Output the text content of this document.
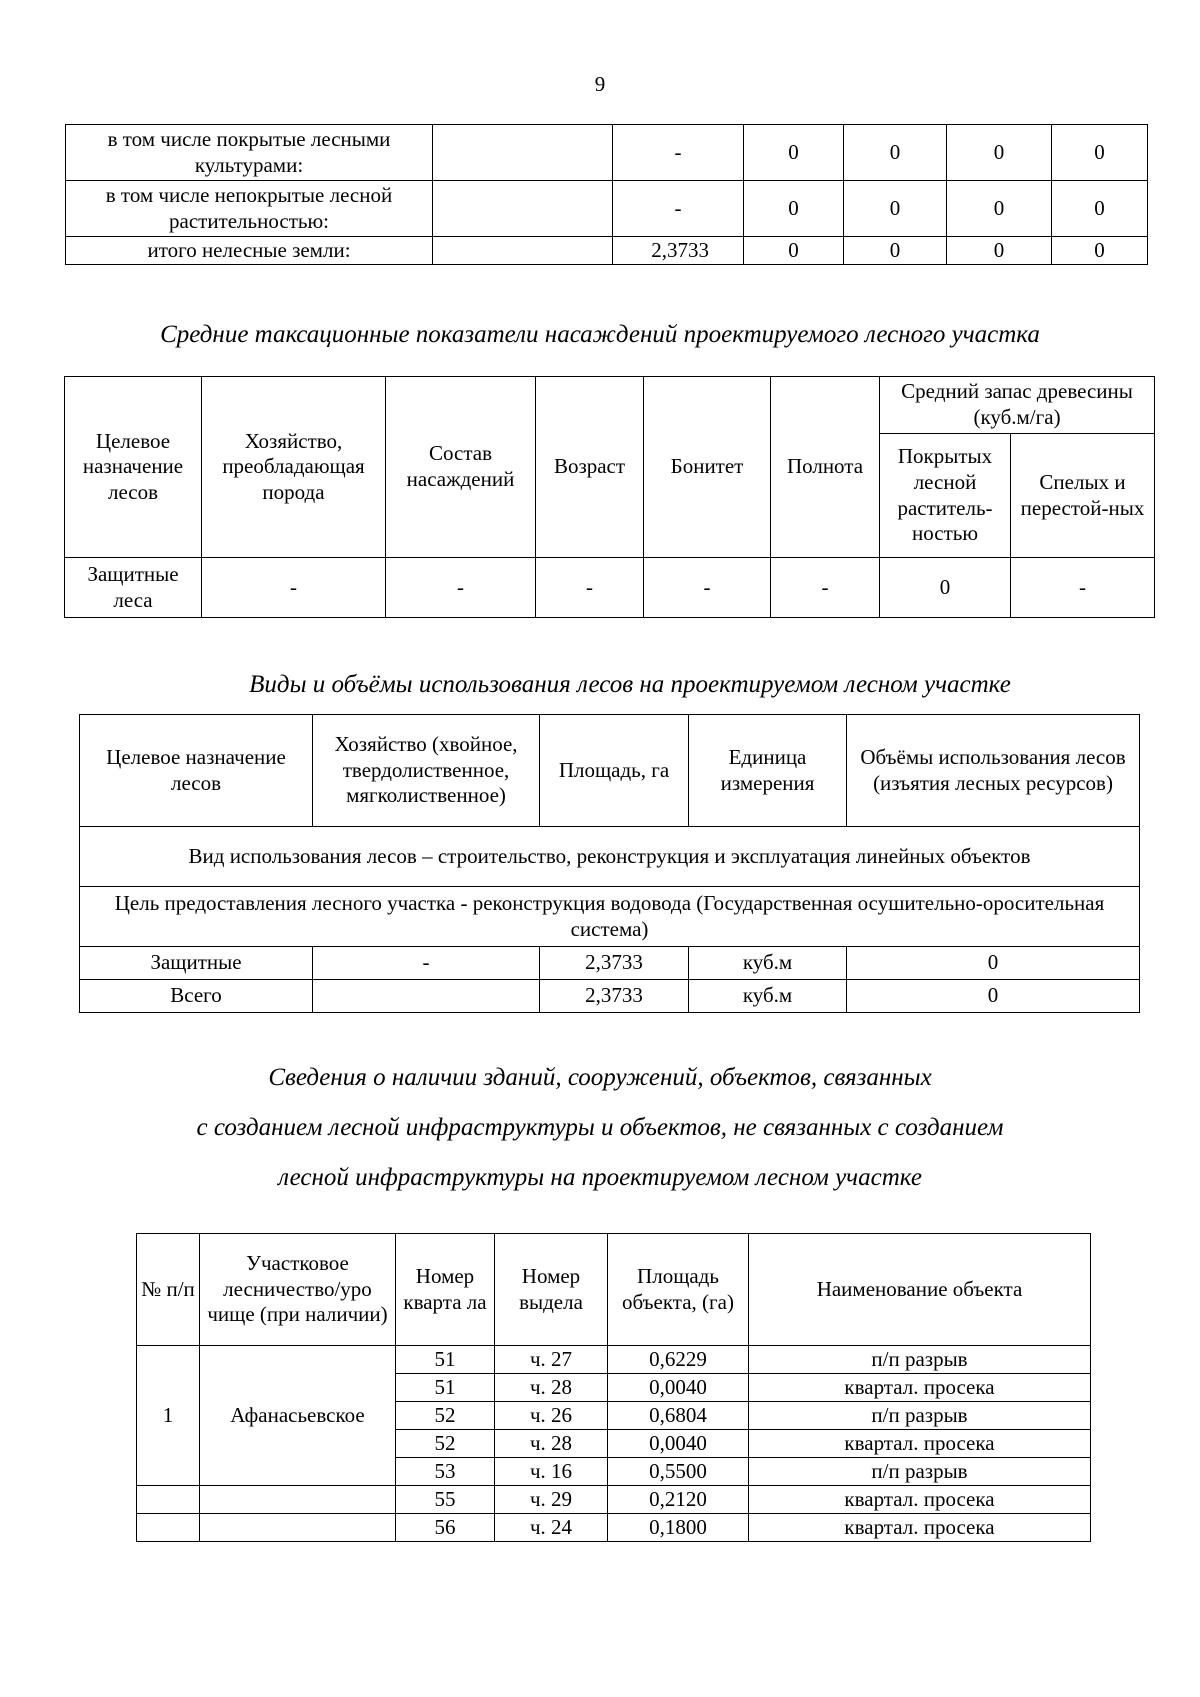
9
в том числе покрытые лесными культурами:		-	0	0	0	0
в том числе непокрытые лесной растительностью:		-	0	0	0	0
итого нелесные земли:		2,3733	0	0	0	0
Средние таксационные показатели насаждений проектируемого лесного участка
Целевое назначение лесов	Хозяйство, преобладающая порода	Состав насаждений	Возраст	Бонитет	Полнота	Средний запас древесины (куб.м/га)	
						Покрытых лесной раститель-ностью	Спелых и перестой-ных
Защитные леса	-	-	-	-	-	0	-
Виды и объёмы использования лесов на проектируемом лесном участке
Целевое назначение лесов	Хозяйство (хвойное, твердолиственное, мягколиственное)	Площадь, га	Единица измерения	Объёмы использования лесов (изъятия лесных ресурсов)
Вид использования лесов – строительство, реконструкция и эксплуатация линейных объектов				
Цель предоставления лесного участка - реконструкция водовода (Государственная осушительно-оросительная система)				
Защитные	-	2,3733	куб.м	0
Всего		2,3733	куб.м	0
Сведения о наличии зданий, сооружений, объектов, связанных
с созданием лесной инфраструктуры и объектов, не связанных с созданием
лесной инфраструктуры на проектируемом лесном участке
№ п/п	Участковое лесничество/уро чище (при наличии)	Номер кварта ла	Номер выдела	Площадь объекта, (га)	Наименование объекта
1	Афанасьевское	51	ч. 27	0,6229	п/п разрыв
		51	ч. 28	0,0040	квартал. просека
		52	ч. 26	0,6804	п/п разрыв
		52	ч. 28	0,0040	квартал. просека
		53	ч. 16	0,5500	п/п разрыв
		55	ч. 29	0,2120	квартал. просека
		56	ч. 24	0,1800	квартал. просека
